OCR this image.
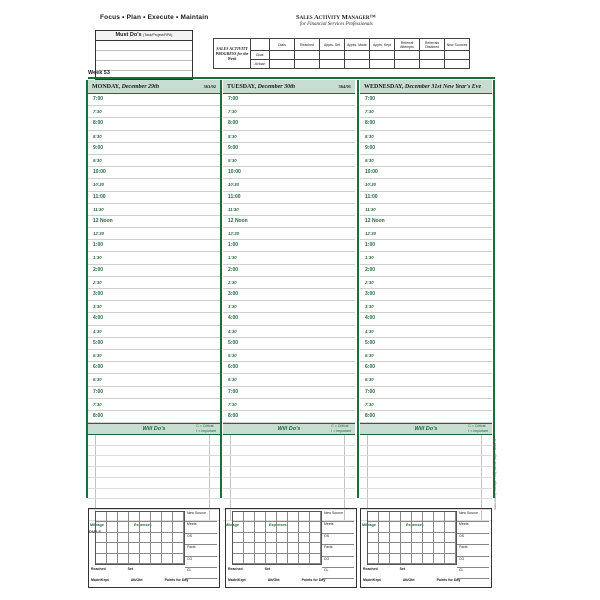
Focus • Plan • Execute • Maintain	Sales Activity Manager™
for Financial Services Professionals
Must Do's (Task/Project/RPA)
Week 53
SALES ACTIVITY PROGRESS for the Week		Dials	Reached	Appts. Set	Appts. Made	Appts. Kept	Referral Attempts	Referrals Obtained	New Sources
	Goal:								
	Actual:								
MONDAY, December 29th	363/02
7:00
7:30
8:00
8:30
9:00
9:30
10:00
10:30
11:00
11:30
12 Noon
12:30
1:00
1:30
2:00
2:30
3:00
3:30
4:00
4:30
5:00
5:30
6:00
6:30
7:00
7:30
8:00
Will Do's	C = Critical
I = Important
Mileage	Expenses
TUESDAY, December 30th	364/01
7:00
7:30
8:00
8:30
9:00
9:30
10:00
10:30
11:00
11:30
12 Noon
12:30
1:00
1:30
2:00
2:30
3:00
3:30
4:00
4:30
5:00
5:30
6:00
6:30
7:00
7:30
8:00
Will Do's	C = Critical
I = Important
Mileage	Expenses
WEDNESDAY, December 31st New Year's Eve
7:00
7:30
8:00
8:30
9:00
9:30
10:00
10:30
11:00
11:30
12 Noon
12:30
1:00
1:30
2:00
2:30
3:00
3:30
4:00
4:30
5:00
5:30
6:00
6:30
7:00
7:30
8:00
Will Do's	C = Critical
I = Important
Mileage	Expenses
Sales Activity Manager • Day planner page • Week 53
DIALS
New Source
Meets
OS
Facts
CO
CL
Reached	Set
Made/Kept	Att/Obt	Points for Day
New Source
Meets
OS
Facts
CO
CL
Reached	Set
Made/Kept	Att/Obt	Points for Day
New Source
Meets
OS
Facts
CO
CL
Reached	Set
Made/Kept	Att/Obt	Points for Day
